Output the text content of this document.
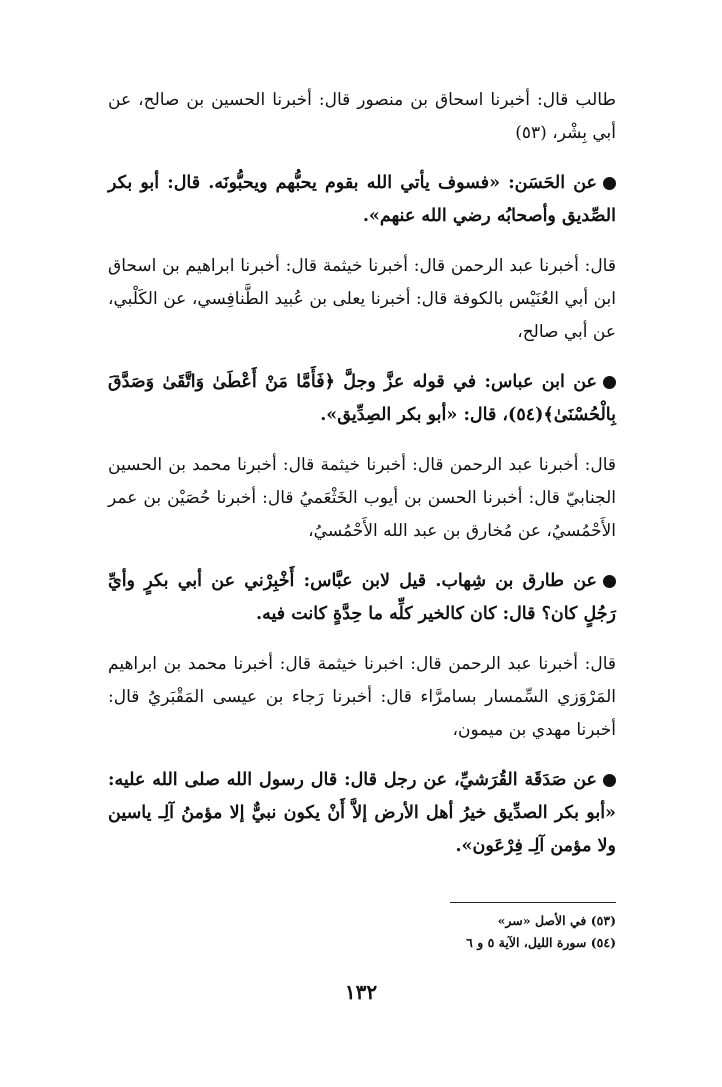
طالب قال: أخبرنا اسحاق بن منصور قال: أخبرنا الحسين بن صالح، عن أبي بِشْر، (٥٣)

عن الحَسَن: «فسوف يأتي الله بقوم يحبُّهم ويحبُّونَه. قال: أبو بكر الصِّديق وأصحابُه رضي الله عنهم».

قال: أخبرنا عبد الرحمن قال: أخبرنا خيثمة قال: أخبرنا ابراهيم بن اسحاق ابن أبي العُنَيْس بالكوفة قال: أخبرنا يعلى بن عُبيد الطَّنافِسي، عن الكَلْبي، عن أبي صالح،

عن ابن عباس: في قوله عزَّ وجلَّ ﴿فَأَمَّا مَنْ أَعْطَىٰ وَاتَّقَىٰ وَصَدَّقَ بِالْحُسْنَىٰ﴾(٥٤)، قال: «أبو بكر الصِدِّيق».

قال: أخبرنا عبد الرحمن قال: أخبرنا خيثمة قال: أخبرنا محمد بن الحسين الجنابيّ قال: أخبرنا الحسن بن أيوب الخَثْعَميُ قال: أخبرنا حُصَيْن بن عمر الأَحْمُسيُ، عن مُخارق بن عبد الله الأَحْمُسيُ،

عن طارق بن شِهاب. قيل لابن عبَّاس: أَخْبِرْني عن أبي بكرٍ وأيِّ رَجُلٍ كان؟ قال: كان كالخير كلِّه ما حِدَّةٍ كانت فيه.

قال: أخبرنا عبد الرحمن قال: اخبرنا خيثمة قال: أخبرنا محمد بن ابراهيم المَرْوَزي السِّمسار بسامرَّاء قال: أخبرنا رَجاء بن عيسى المَقْبَريُ قال: أخبرنا مهدي بن ميمون،

عن صَدَقَة القُرَشيِّ، عن رجل قال: قال رسول الله صلى الله عليه: «أبو بكر الصدِّيق خيرُ أهل الأرض إلاَّ أَنْ يكون نبيٌّ إلا مؤمنُ آلِـ ياسين ولا مؤمن آلِـ فِرْعَون».

(٥٣) في الأصل «سر»
(٥٤) سورة الليل، الآية ٥ و ٦
١٣٢
